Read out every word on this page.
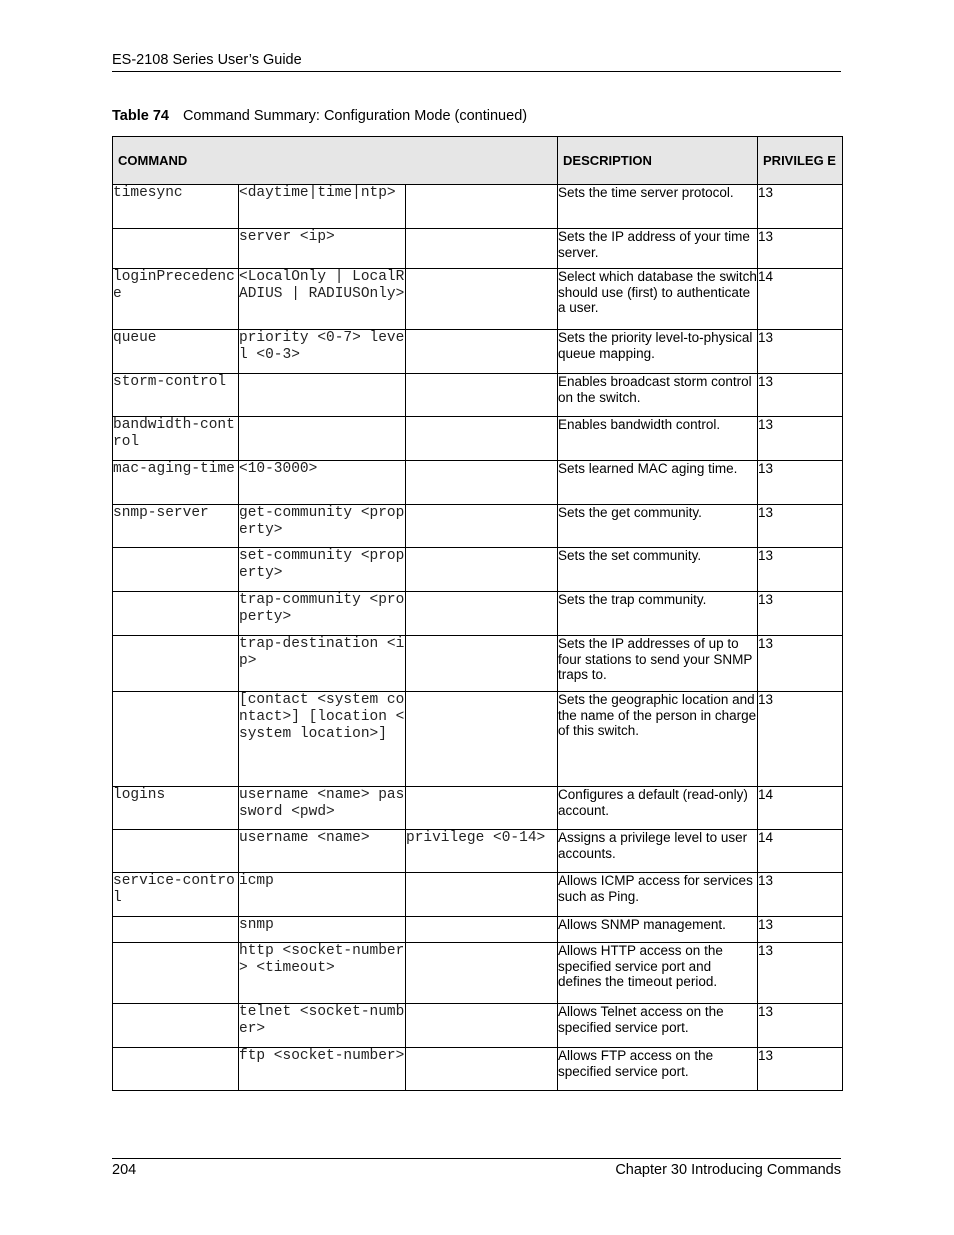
ES-2108 Series User’s Guide
Table 74 Command Summary: Configuration Mode (continued)
COMMAND			DESCRIPTION	PRIVILEG E
timesync	<daytime|time|ntp>		Sets the time server protocol.	13
	server <ip>		Sets the IP address of your time server.	13
loginPrecedence	<LocalOnly | LocalRADIUS | RADIUSOnly>		Select which database the switch should use (first) to authenticate a user.	14
queue	priority <0-7> level <0-3>		Sets the priority level-to-physical queue mapping.	13
storm-control			Enables broadcast storm control on the switch.	13
bandwidth-control			Enables bandwidth control.	13
mac-aging-time	<10-3000>		Sets learned MAC aging time.	13
snmp-server	get-community <property>		Sets the get community.	13
	set-community <property>		Sets the set community.	13
	trap-community <property>		Sets the trap community.	13
	trap-destination <ip>		Sets the IP addresses of up to four stations to send your SNMP traps to.	13
	[contact <system contact>] [location <system location>]		Sets the geographic location and the name of the person in charge of this switch.	13
logins	username <name> password <pwd>		Configures a default (read-only) account.	14
	username <name>	privilege <0-14>	Assigns a privilege level to user accounts.	14
service-control	icmp		Allows ICMP access for services such as Ping.	13
	snmp		Allows SNMP management.	13
	http <socket-number> <timeout>		Allows HTTP access on the specified service port and defines the timeout period.	13
	telnet <socket-number>		Allows Telnet access on the specified service port.	13
	ftp <socket-number>		Allows FTP access on the specified service port.	13
204	Chapter 30 Introducing Commands
